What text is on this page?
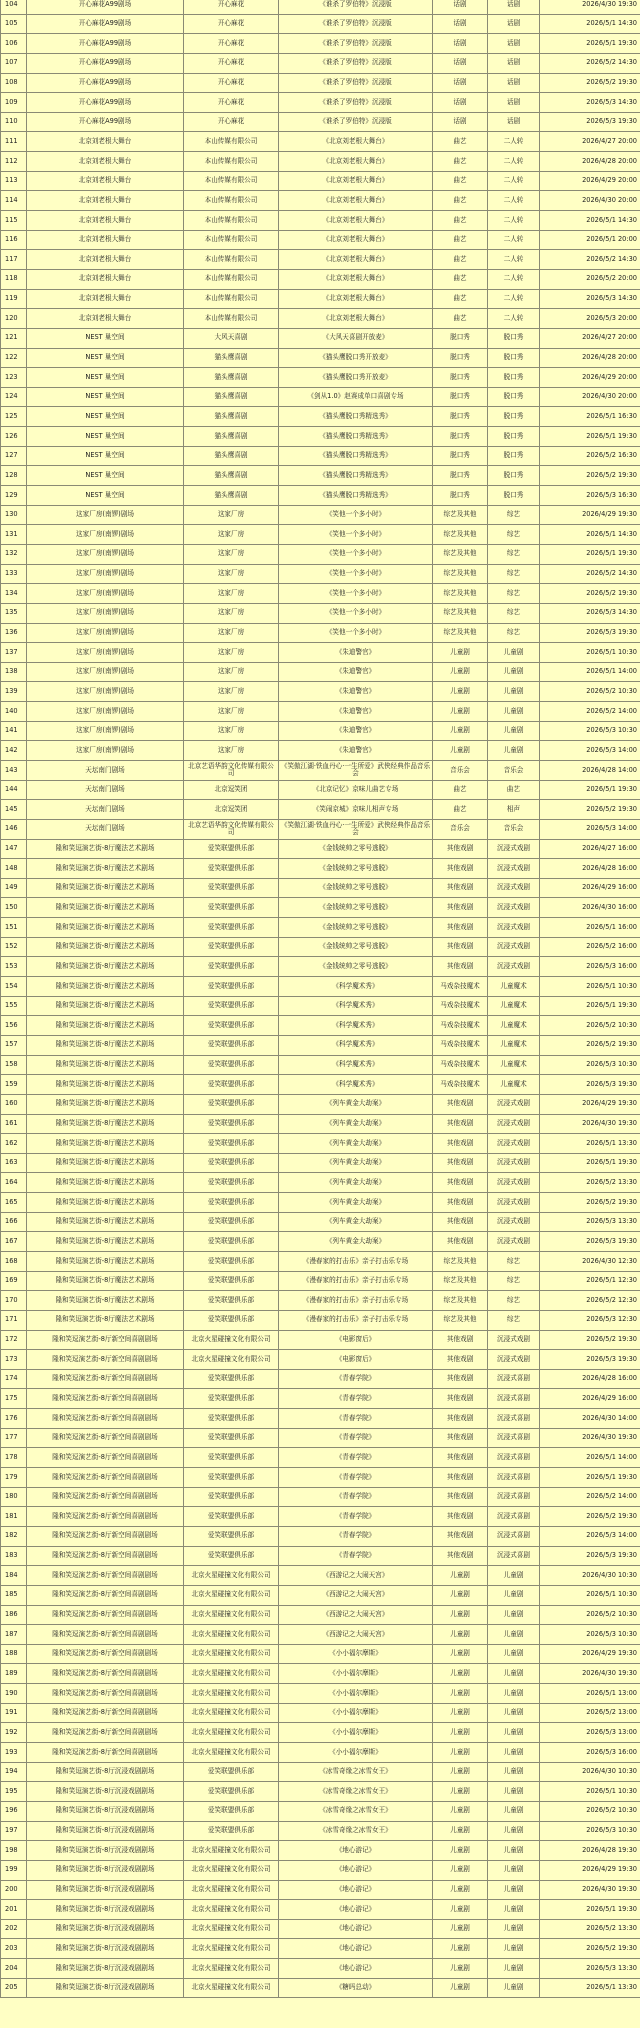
104	开心麻花A99剧场	开心麻花	《谁杀了罗伯特》沉浸版	话剧	话剧	2026/4/30 19:30
105	开心麻花A99剧场	开心麻花	《谁杀了罗伯特》沉浸版	话剧	话剧	2026/5/1 14:30
106	开心麻花A99剧场	开心麻花	《谁杀了罗伯特》沉浸版	话剧	话剧	2026/5/1 19:30
107	开心麻花A99剧场	开心麻花	《谁杀了罗伯特》沉浸版	话剧	话剧	2026/5/2 14:30
108	开心麻花A99剧场	开心麻花	《谁杀了罗伯特》沉浸版	话剧	话剧	2026/5/2 19:30
109	开心麻花A99剧场	开心麻花	《谁杀了罗伯特》沉浸版	话剧	话剧	2026/5/3 14:30
110	开心麻花A99剧场	开心麻花	《谁杀了罗伯特》沉浸版	话剧	话剧	2026/5/3 19:30
111	北京刘老根大舞台	本山传媒有限公司	《北京刘老根大舞台》	曲艺	二人转	2026/4/27 20:00
112	北京刘老根大舞台	本山传媒有限公司	《北京刘老根大舞台》	曲艺	二人转	2026/4/28 20:00
113	北京刘老根大舞台	本山传媒有限公司	《北京刘老根大舞台》	曲艺	二人转	2026/4/29 20:00
114	北京刘老根大舞台	本山传媒有限公司	《北京刘老根大舞台》	曲艺	二人转	2026/4/30 20:00
115	北京刘老根大舞台	本山传媒有限公司	《北京刘老根大舞台》	曲艺	二人转	2026/5/1 14:30
116	北京刘老根大舞台	本山传媒有限公司	《北京刘老根大舞台》	曲艺	二人转	2026/5/1 20:00
117	北京刘老根大舞台	本山传媒有限公司	《北京刘老根大舞台》	曲艺	二人转	2026/5/2 14:30
118	北京刘老根大舞台	本山传媒有限公司	《北京刘老根大舞台》	曲艺	二人转	2026/5/2 20:00
119	北京刘老根大舞台	本山传媒有限公司	《北京刘老根大舞台》	曲艺	二人转	2026/5/3 14:30
120	北京刘老根大舞台	本山传媒有限公司	《北京刘老根大舞台》	曲艺	二人转	2026/5/3 20:00
121	NEST 巢空间	大风天喜剧	《大风天喜剧开放麦》	脱口秀	脱口秀	2026/4/27 20:00
122	NEST 巢空间	猫头鹰喜剧	《猫头鹰脱口秀开放麦》	脱口秀	脱口秀	2026/4/28 20:00
123	NEST 巢空间	猫头鹰喜剧	《猫头鹰脱口秀开放麦》	脱口秀	脱口秀	2026/4/29 20:00
124	NEST 巢空间	猫头鹰喜剧	《剑从1.0》赵赛成单口喜剧专场	脱口秀	脱口秀	2026/4/30 20:00
125	NEST 巢空间	猫头鹰喜剧	《猫头鹰脱口秀精选秀》	脱口秀	脱口秀	2026/5/1 16:30
126	NEST 巢空间	猫头鹰喜剧	《猫头鹰脱口秀精选秀》	脱口秀	脱口秀	2026/5/1 19:30
127	NEST 巢空间	猫头鹰喜剧	《猫头鹰脱口秀精选秀》	脱口秀	脱口秀	2026/5/2 16:30
128	NEST 巢空间	猫头鹰喜剧	《猫头鹰脱口秀精选秀》	脱口秀	脱口秀	2026/5/2 19:30
129	NEST 巢空间	猫头鹰喜剧	《猫头鹰脱口秀精选秀》	脱口秀	脱口秀	2026/5/3 16:30
130	这家厂房(南锣)剧场	这家厂房	《笑他一个多小时》	综艺及其他	综艺	2026/4/29 19:30
131	这家厂房(南锣)剧场	这家厂房	《笑他一个多小时》	综艺及其他	综艺	2026/5/1 14:30
132	这家厂房(南锣)剧场	这家厂房	《笑他一个多小时》	综艺及其他	综艺	2026/5/1 19:30
133	这家厂房(南锣)剧场	这家厂房	《笑他一个多小时》	综艺及其他	综艺	2026/5/2 14:30
134	这家厂房(南锣)剧场	这家厂房	《笑他一个多小时》	综艺及其他	综艺	2026/5/2 19:30
135	这家厂房(南锣)剧场	这家厂房	《笑他一个多小时》	综艺及其他	综艺	2026/5/3 14:30
136	这家厂房(南锣)剧场	这家厂房	《笑他一个多小时》	综艺及其他	综艺	2026/5/3 19:30
137	这家厂房(南锣)剧场	这家厂房	《朱迪警官》	儿童剧	儿童剧	2026/5/1 10:30
138	这家厂房(南锣)剧场	这家厂房	《朱迪警官》	儿童剧	儿童剧	2026/5/1 14:00
139	这家厂房(南锣)剧场	这家厂房	《朱迪警官》	儿童剧	儿童剧	2026/5/2 10:30
140	这家厂房(南锣)剧场	这家厂房	《朱迪警官》	儿童剧	儿童剧	2026/5/2 14:00
141	这家厂房(南锣)剧场	这家厂房	《朱迪警官》	儿童剧	儿童剧	2026/5/3 10:30
142	这家厂房(南锣)剧场	这家厂房	《朱迪警官》	儿童剧	儿童剧	2026/5/3 14:00
143	天坛南门剧场	北京艺语华韵文化传媒有限公司	《笑傲江湖·铁血丹心·一生所爱》武侠经典作品音乐会	音乐会	音乐会	2026/4/28 14:00
144	天坛南门剧场	北京逗笑团	《北京记忆》京味儿曲艺专场	曲艺	曲艺	2026/5/1 19:30
145	天坛南门剧场	北京逗笑团	《笑闹京城》京味儿相声专场	曲艺	相声	2026/5/2 19:30
146	天坛南门剧场	北京艺语华韵文化传媒有限公司	《笑傲江湖·铁血丹心·一生所爱》武侠经典作品音乐会	音乐会	音乐会	2026/5/3 14:00
147	隆和笑逗演艺街-8厅魔法艺术剧场	爱笑联盟俱乐部	《金钱统帅之零号逃脱》	其他戏剧	沉浸式戏剧	2026/4/27 16:00
148	隆和笑逗演艺街-8厅魔法艺术剧场	爱笑联盟俱乐部	《金钱统帅之零号逃脱》	其他戏剧	沉浸式戏剧	2026/4/28 16:00
149	隆和笑逗演艺街-8厅魔法艺术剧场	爱笑联盟俱乐部	《金钱统帅之零号逃脱》	其他戏剧	沉浸式戏剧	2026/4/29 16:00
150	隆和笑逗演艺街-8厅魔法艺术剧场	爱笑联盟俱乐部	《金钱统帅之零号逃脱》	其他戏剧	沉浸式戏剧	2026/4/30 16:00
151	隆和笑逗演艺街-8厅魔法艺术剧场	爱笑联盟俱乐部	《金钱统帅之零号逃脱》	其他戏剧	沉浸式戏剧	2026/5/1 16:00
152	隆和笑逗演艺街-8厅魔法艺术剧场	爱笑联盟俱乐部	《金钱统帅之零号逃脱》	其他戏剧	沉浸式戏剧	2026/5/2 16:00
153	隆和笑逗演艺街-8厅魔法艺术剧场	爱笑联盟俱乐部	《金钱统帅之零号逃脱》	其他戏剧	沉浸式戏剧	2026/5/3 16:00
154	隆和笑逗演艺街-8厅魔法艺术剧场	爱笑联盟俱乐部	《科学魔术秀》	马戏杂技魔术	儿童魔术	2026/5/1 10:30
155	隆和笑逗演艺街-8厅魔法艺术剧场	爱笑联盟俱乐部	《科学魔术秀》	马戏杂技魔术	儿童魔术	2026/5/1 19:30
156	隆和笑逗演艺街-8厅魔法艺术剧场	爱笑联盟俱乐部	《科学魔术秀》	马戏杂技魔术	儿童魔术	2026/5/2 10:30
157	隆和笑逗演艺街-8厅魔法艺术剧场	爱笑联盟俱乐部	《科学魔术秀》	马戏杂技魔术	儿童魔术	2026/5/2 19:30
158	隆和笑逗演艺街-8厅魔法艺术剧场	爱笑联盟俱乐部	《科学魔术秀》	马戏杂技魔术	儿童魔术	2026/5/3 10:30
159	隆和笑逗演艺街-8厅魔法艺术剧场	爱笑联盟俱乐部	《科学魔术秀》	马戏杂技魔术	儿童魔术	2026/5/3 19:30
160	隆和笑逗演艺街-8厅魔法艺术剧场	爱笑联盟俱乐部	《列车黄金大劫案》	其他戏剧	沉浸式戏剧	2026/4/29 19:30
161	隆和笑逗演艺街-8厅魔法艺术剧场	爱笑联盟俱乐部	《列车黄金大劫案》	其他戏剧	沉浸式戏剧	2026/4/30 19:30
162	隆和笑逗演艺街-8厅魔法艺术剧场	爱笑联盟俱乐部	《列车黄金大劫案》	其他戏剧	沉浸式戏剧	2026/5/1 13:30
163	隆和笑逗演艺街-8厅魔法艺术剧场	爱笑联盟俱乐部	《列车黄金大劫案》	其他戏剧	沉浸式戏剧	2026/5/1 19:30
164	隆和笑逗演艺街-8厅魔法艺术剧场	爱笑联盟俱乐部	《列车黄金大劫案》	其他戏剧	沉浸式戏剧	2026/5/2 13:30
165	隆和笑逗演艺街-8厅魔法艺术剧场	爱笑联盟俱乐部	《列车黄金大劫案》	其他戏剧	沉浸式戏剧	2026/5/2 19:30
166	隆和笑逗演艺街-8厅魔法艺术剧场	爱笑联盟俱乐部	《列车黄金大劫案》	其他戏剧	沉浸式戏剧	2026/5/3 13:30
167	隆和笑逗演艺街-8厅魔法艺术剧场	爱笑联盟俱乐部	《列车黄金大劫案》	其他戏剧	沉浸式戏剧	2026/5/3 19:30
168	隆和笑逗演艺街-8厅魔法艺术剧场	爱笑联盟俱乐部	《漫春家的打击乐》亲子打击乐专场	综艺及其他	综艺	2026/4/30 12:30
169	隆和笑逗演艺街-8厅魔法艺术剧场	爱笑联盟俱乐部	《漫春家的打击乐》亲子打击乐专场	综艺及其他	综艺	2026/5/1 12:30
170	隆和笑逗演艺街-8厅魔法艺术剧场	爱笑联盟俱乐部	《漫春家的打击乐》亲子打击乐专场	综艺及其他	综艺	2026/5/2 12:30
171	隆和笑逗演艺街-8厅魔法艺术剧场	爱笑联盟俱乐部	《漫春家的打击乐》亲子打击乐专场	综艺及其他	综艺	2026/5/3 12:30
172	隆和笑逗演艺街-8厅新空间喜剧剧场	北京火星碰撞文化有限公司	《电影窗后》	其他戏剧	沉浸式戏剧	2026/5/2 19:30
173	隆和笑逗演艺街-8厅新空间喜剧剧场	北京火星碰撞文化有限公司	《电影窗后》	其他戏剧	沉浸式戏剧	2026/5/3 19:30
174	隆和笑逗演艺街-8厅新空间喜剧剧场	爱笑联盟俱乐部	《青春学院》	其他戏剧	沉浸式喜剧	2026/4/28 16:00
175	隆和笑逗演艺街-8厅新空间喜剧剧场	爱笑联盟俱乐部	《青春学院》	其他戏剧	沉浸式喜剧	2026/4/29 16:00
176	隆和笑逗演艺街-8厅新空间喜剧剧场	爱笑联盟俱乐部	《青春学院》	其他戏剧	沉浸式喜剧	2026/4/30 14:00
177	隆和笑逗演艺街-8厅新空间喜剧剧场	爱笑联盟俱乐部	《青春学院》	其他戏剧	沉浸式喜剧	2026/4/30 19:30
178	隆和笑逗演艺街-8厅新空间喜剧剧场	爱笑联盟俱乐部	《青春学院》	其他戏剧	沉浸式喜剧	2026/5/1 14:00
179	隆和笑逗演艺街-8厅新空间喜剧剧场	爱笑联盟俱乐部	《青春学院》	其他戏剧	沉浸式喜剧	2026/5/1 19:30
180	隆和笑逗演艺街-8厅新空间喜剧剧场	爱笑联盟俱乐部	《青春学院》	其他戏剧	沉浸式喜剧	2026/5/2 14:00
181	隆和笑逗演艺街-8厅新空间喜剧剧场	爱笑联盟俱乐部	《青春学院》	其他戏剧	沉浸式喜剧	2026/5/2 19:30
182	隆和笑逗演艺街-8厅新空间喜剧剧场	爱笑联盟俱乐部	《青春学院》	其他戏剧	沉浸式喜剧	2026/5/3 14:00
183	隆和笑逗演艺街-8厅新空间喜剧剧场	爱笑联盟俱乐部	《青春学院》	其他戏剧	沉浸式喜剧	2026/5/3 19:30
184	隆和笑逗演艺街-8厅新空间喜剧剧场	北京火星碰撞文化有限公司	《西游记之大闹天宫》	儿童剧	儿童剧	2026/4/30 10:30
185	隆和笑逗演艺街-8厅新空间喜剧剧场	北京火星碰撞文化有限公司	《西游记之大闹天宫》	儿童剧	儿童剧	2026/5/1 10:30
186	隆和笑逗演艺街-8厅新空间喜剧剧场	北京火星碰撞文化有限公司	《西游记之大闹天宫》	儿童剧	儿童剧	2026/5/2 10:30
187	隆和笑逗演艺街-8厅新空间喜剧剧场	北京火星碰撞文化有限公司	《西游记之大闹天宫》	儿童剧	儿童剧	2026/5/3 10:30
188	隆和笑逗演艺街-8厅新空间喜剧剧场	北京火星碰撞文化有限公司	《小小福尔摩斯》	儿童剧	儿童剧	2026/4/29 19:30
189	隆和笑逗演艺街-8厅新空间喜剧剧场	北京火星碰撞文化有限公司	《小小福尔摩斯》	儿童剧	儿童剧	2026/4/30 19:30
190	隆和笑逗演艺街-8厅新空间喜剧剧场	北京火星碰撞文化有限公司	《小小福尔摩斯》	儿童剧	儿童剧	2026/5/1 13:00
191	隆和笑逗演艺街-8厅新空间喜剧剧场	北京火星碰撞文化有限公司	《小小福尔摩斯》	儿童剧	儿童剧	2026/5/2 13:00
192	隆和笑逗演艺街-8厅新空间喜剧剧场	北京火星碰撞文化有限公司	《小小福尔摩斯》	儿童剧	儿童剧	2026/5/3 13:00
193	隆和笑逗演艺街-8厅新空间喜剧剧场	北京火星碰撞文化有限公司	《小小福尔摩斯》	儿童剧	儿童剧	2026/5/3 16:00
194	隆和笑逗演艺街-8厅沉浸戏剧剧场	爱笑联盟俱乐部	《冰雪奇缘之冰雪女王》	儿童剧	儿童剧	2026/4/30 10:30
195	隆和笑逗演艺街-8厅沉浸戏剧剧场	爱笑联盟俱乐部	《冰雪奇缘之冰雪女王》	儿童剧	儿童剧	2026/5/1 10:30
196	隆和笑逗演艺街-8厅沉浸戏剧剧场	爱笑联盟俱乐部	《冰雪奇缘之冰雪女王》	儿童剧	儿童剧	2026/5/2 10:30
197	隆和笑逗演艺街-8厅沉浸戏剧剧场	爱笑联盟俱乐部	《冰雪奇缘之冰雪女王》	儿童剧	儿童剧	2026/5/3 10:30
198	隆和笑逗演艺街-8厅沉浸戏剧剧场	北京火星碰撞文化有限公司	《地心游记》	儿童剧	儿童剧	2026/4/28 19:30
199	隆和笑逗演艺街-8厅沉浸戏剧剧场	北京火星碰撞文化有限公司	《地心游记》	儿童剧	儿童剧	2026/4/29 19:30
200	隆和笑逗演艺街-8厅沉浸戏剧剧场	北京火星碰撞文化有限公司	《地心游记》	儿童剧	儿童剧	2026/4/30 19:30
201	隆和笑逗演艺街-8厅沉浸戏剧剧场	北京火星碰撞文化有限公司	《地心游记》	儿童剧	儿童剧	2026/5/1 19:30
202	隆和笑逗演艺街-8厅沉浸戏剧剧场	北京火星碰撞文化有限公司	《地心游记》	儿童剧	儿童剧	2026/5/2 13:30
203	隆和笑逗演艺街-8厅沉浸戏剧剧场	北京火星碰撞文化有限公司	《地心游记》	儿童剧	儿童剧	2026/5/2 19:30
204	隆和笑逗演艺街-8厅沉浸戏剧剧场	北京火星碰撞文化有限公司	《地心游记》	儿童剧	儿童剧	2026/5/3 13:30
205	隆和笑逗演艺街-8厅沉浸戏剧剧场	北京火星碰撞文化有限公司	《糖吗总动》	儿童剧	儿童剧	2026/5/1 13:30
